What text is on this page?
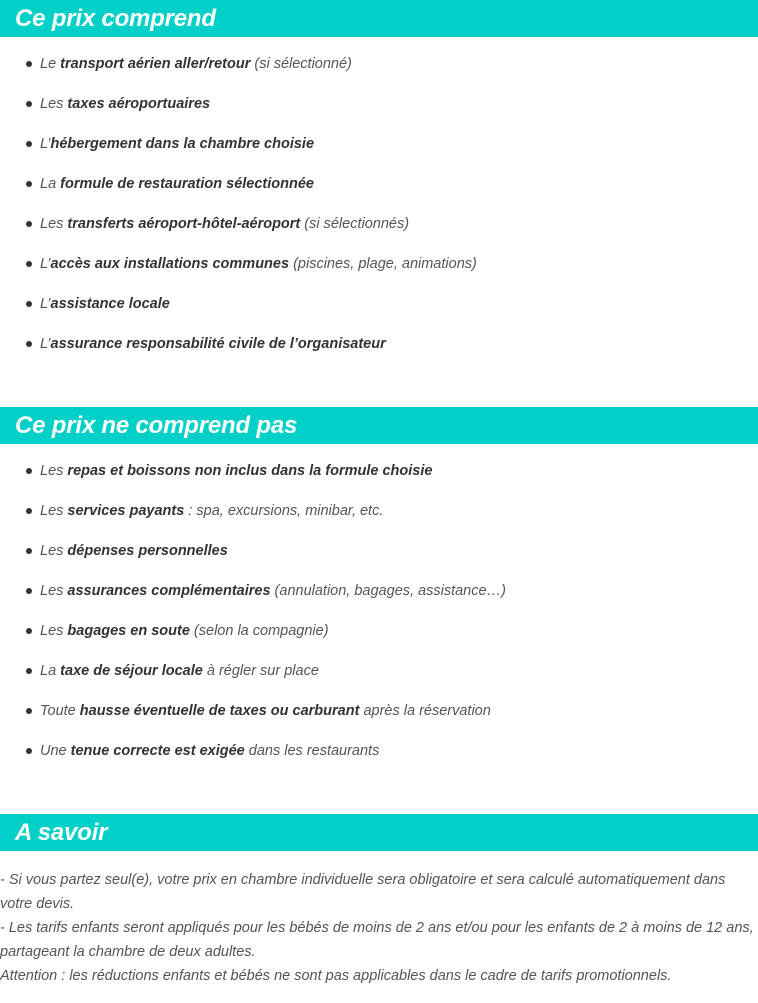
Ce prix comprend
Le transport aérien aller/retour (si sélectionné)
Les taxes aéroportuaires
L’hébergement dans la chambre choisie
La formule de restauration sélectionnée
Les transferts aéroport-hôtel-aéroport (si sélectionnés)
L’accès aux installations communes (piscines, plage, animations)
L’assistance locale
L’assurance responsabilité civile de l’organisateur
Ce prix ne comprend pas
Les repas et boissons non inclus dans la formule choisie
Les services payants : spa, excursions, minibar, etc.
Les dépenses personnelles
Les assurances complémentaires (annulation, bagages, assistance…)
Les bagages en soute (selon la compagnie)
La taxe de séjour locale à régler sur place
Toute hausse éventuelle de taxes ou carburant après la réservation
Une tenue correcte est exigée dans les restaurants
A savoir

- Si vous partez seul(e), votre prix en chambre individuelle sera obligatoire et sera calculé automatiquement dans votre devis.

- Les tarifs enfants seront appliqués pour les bébés de moins de 2 ans et/ou pour les enfants de 2 à moins de 12 ans, partageant la chambre de deux adultes.

Attention : les réductions enfants et bébés ne sont pas applicables dans le cadre de tarifs promotionnels.
